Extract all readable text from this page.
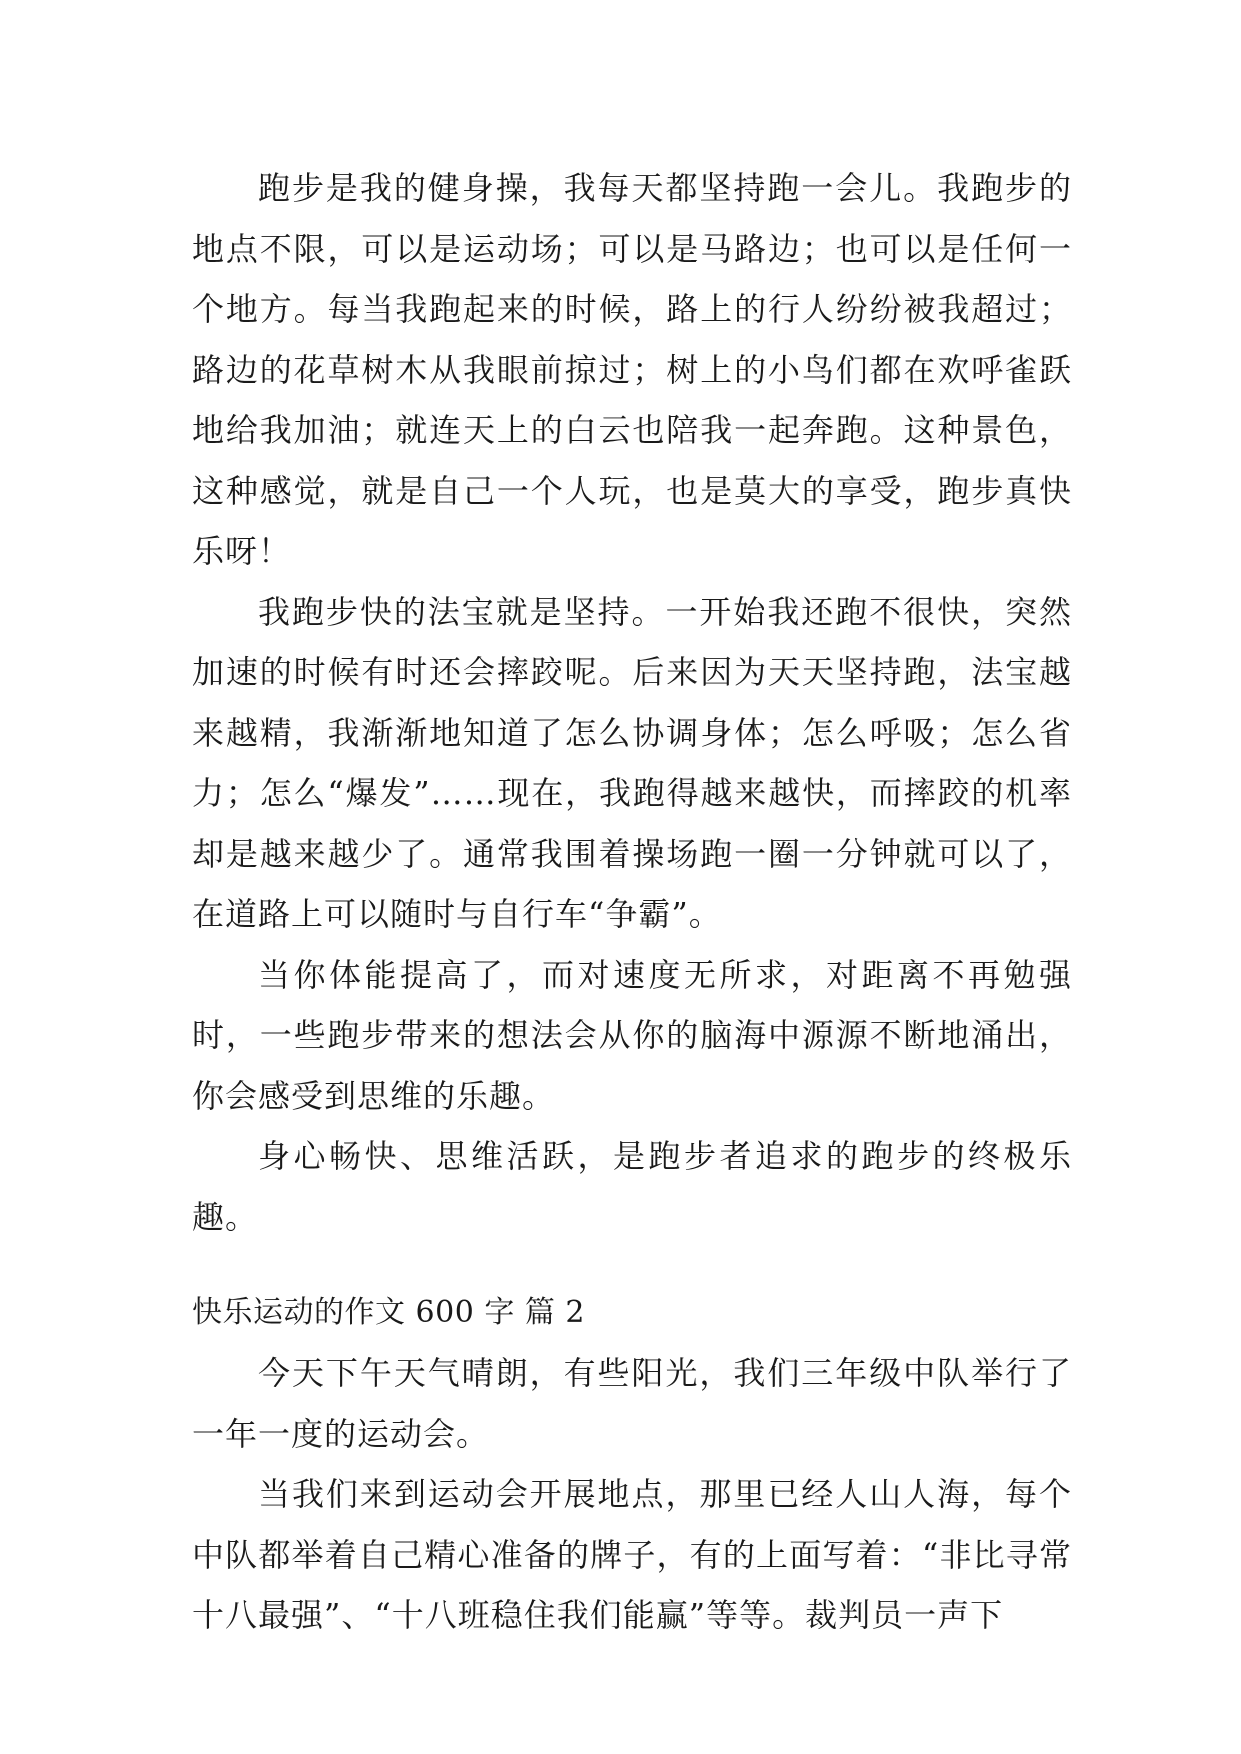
跑步是我的健身操，我每天都坚持跑一会儿。我跑步的地点不限，可以是运动场；可以是马路边；也可以是任何一个地方。每当我跑起来的时候，路上的行人纷纷被我超过；路边的花草树木从我眼前掠过；树上的小鸟们都在欢呼雀跃地给我加油；就连天上的白云也陪我一起奔跑。这种景色，这种感觉，就是自己一个人玩，也是莫大的享受，跑步真快乐呀！

我跑步快的法宝就是坚持。一开始我还跑不很快，突然加速的时候有时还会摔跤呢。后来因为天天坚持跑，法宝越来越精，我渐渐地知道了怎么协调身体；怎么呼吸；怎么省力；怎么“爆发”……现在，我跑得越来越快，而摔跤的机率却是越来越少了。通常我围着操场跑一圈一分钟就可以了，在道路上可以随时与自行车“争霸”。

当你体能提高了，而对速度无所求，对距离不再勉强时，一些跑步带来的想法会从你的脑海中源源不断地涌出，你会感受到思维的乐趣。

身心畅快、思维活跃，是跑步者追求的跑步的终极乐趣。

快乐运动的作文 600 字 篇 2

今天下午天气晴朗，有些阳光，我们三年级中队举行了一年一度的运动会。

当我们来到运动会开展地点，那里已经人山人海，每个中队都举着自己精心准备的牌子，有的上面写着：“非比寻常十八最强”、“十八班稳住我们能赢”等等。裁判员一声下
